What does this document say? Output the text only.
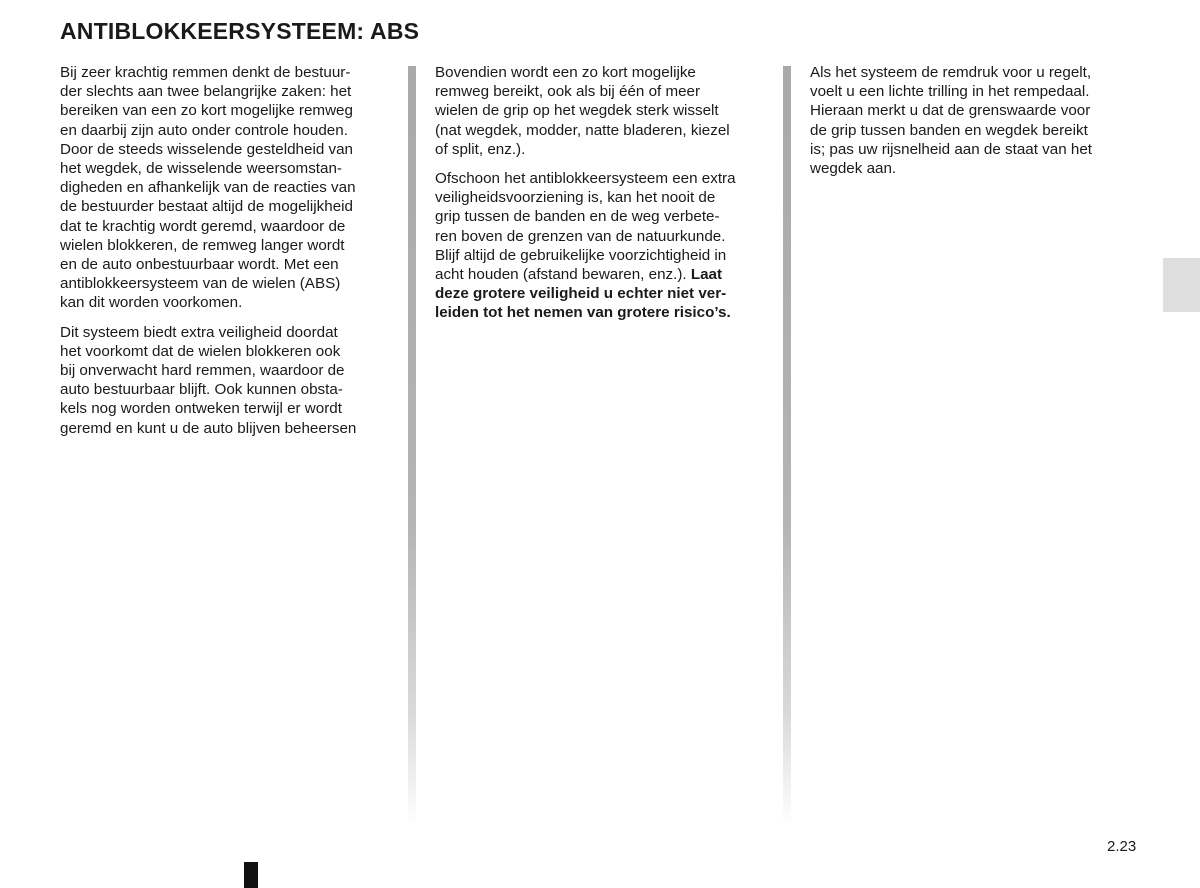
ANTIBLOKKEERSYSTEEM: ABS

Bij zeer krachtig remmen denkt de bestuur-
der slechts aan twee belangrijke zaken: het
bereiken van een zo kort mogelijke remweg
en daarbij zijn auto onder controle houden.
Door de steeds wisselende gesteldheid van
het wegdek, de wisselende weersomstan-
digheden en afhankelijk van de reacties van
de bestuurder bestaat altijd de mogelijkheid
dat te krachtig wordt geremd, waardoor de
wielen blokkeren, de remweg langer wordt
en de auto onbestuurbaar wordt. Met een
antiblokkeersysteem van de wielen (ABS)
kan dit worden voorkomen.

Dit systeem biedt extra veiligheid doordat
het voorkomt dat de wielen blokkeren ook
bij onverwacht hard remmen, waardoor de
auto bestuurbaar blijft. Ook kunnen obsta-
kels nog worden ontweken terwijl er wordt
geremd en kunt u de auto blijven beheersen

Bovendien wordt een zo kort mogelijke
remweg bereikt, ook als bij één of meer
wielen de grip op het wegdek sterk wisselt
(nat wegdek, modder, natte bladeren, kiezel
of split, enz.).

Ofschoon het antiblokkeersysteem een extra
veiligheidsvoorziening is, kan het nooit de
grip tussen de banden en de weg verbete-
ren boven de grenzen van de natuurkunde.
Blijf altijd de gebruikelijke voorzichtigheid in
acht houden (afstand bewaren, enz.). Laat
deze grotere veiligheid u echter niet ver-
leiden tot het nemen van grotere risico’s.

Als het systeem de remdruk voor u regelt,
voelt u een lichte trilling in het rempedaal.
Hieraan merkt u dat de grenswaarde voor
de grip tussen banden en wegdek bereikt
is; pas uw rijsnelheid aan de staat van het
wegdek aan.

2.23
